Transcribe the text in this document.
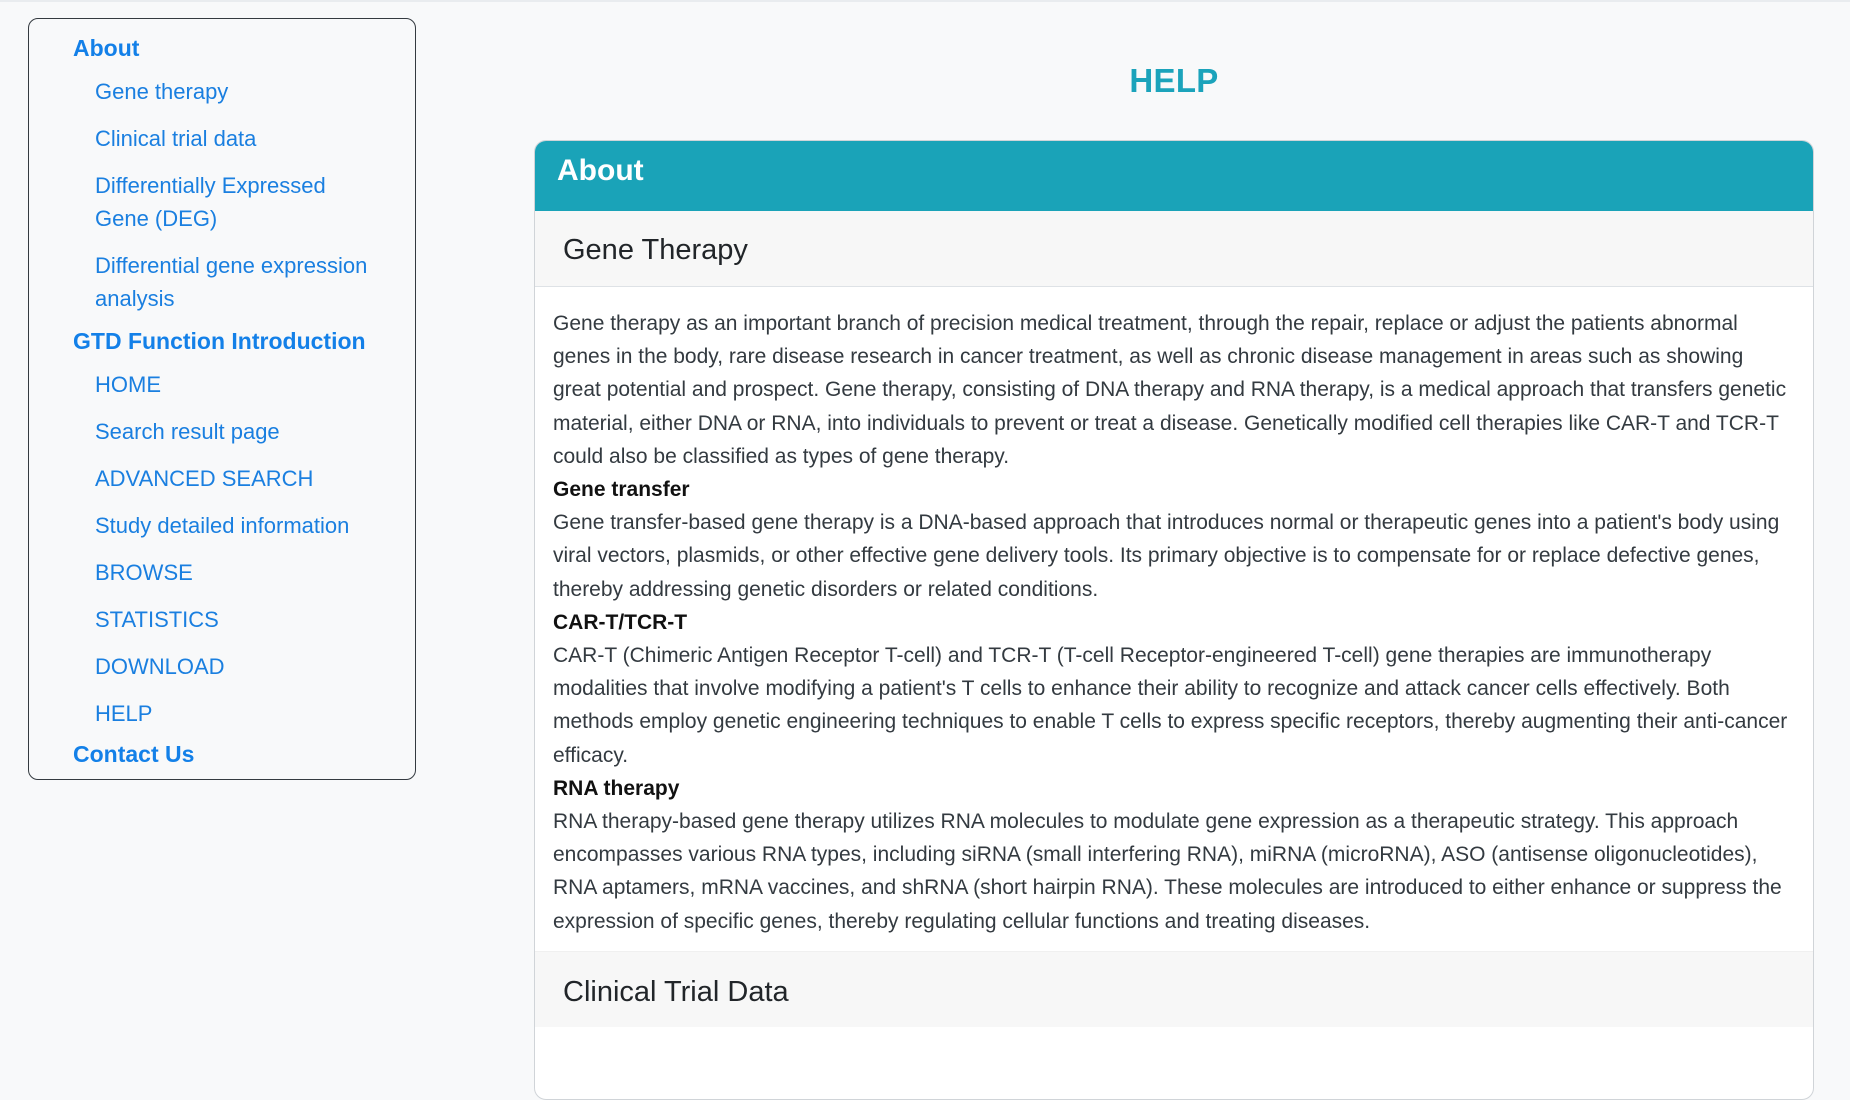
About
Gene therapy
Clinical trial data
Differentially Expressed Gene (DEG)
Differential gene expression analysis
GTD Function Introduction
HOME
Search result page
ADVANCED SEARCH
Study detailed information
BROWSE
STATISTICS
DOWNLOAD
HELP
Contact Us
HELP
About
Gene Therapy

Gene therapy as an important branch of precision medical treatment, through the repair, replace or adjust the patients abnormal genes in the body, rare disease research in cancer treatment, as well as chronic disease management in areas such as showing great potential and prospect. Gene therapy, consisting of DNA therapy and RNA therapy, is a medical approach that transfers genetic material, either DNA or RNA, into individuals to prevent or treat a disease. Genetically modified cell therapies like CAR-T and TCR-T could also be classified as types of gene therapy.

Gene transfer

Gene transfer-based gene therapy is a DNA-based approach that introduces normal or therapeutic genes into a patient's body using viral vectors, plasmids, or other effective gene delivery tools. Its primary objective is to compensate for or replace defective genes, thereby addressing genetic disorders or related conditions.

CAR-T/TCR-T

CAR-T (Chimeric Antigen Receptor T-cell) and TCR-T (T-cell Receptor-engineered T-cell) gene therapies are immunotherapy modalities that involve modifying a patient's T cells to enhance their ability to recognize and attack cancer cells effectively. Both methods employ genetic engineering techniques to enable T cells to express specific receptors, thereby augmenting their anti-cancer efficacy.

RNA therapy

RNA therapy-based gene therapy utilizes RNA molecules to modulate gene expression as a therapeutic strategy. This approach encompasses various RNA types, including siRNA (small interfering RNA), miRNA (microRNA), ASO (antisense oligonucleotides), RNA aptamers, mRNA vaccines, and shRNA (short hairpin RNA). These molecules are introduced to either enhance or suppress the expression of specific genes, thereby regulating cellular functions and treating diseases.

Clinical Trial Data
